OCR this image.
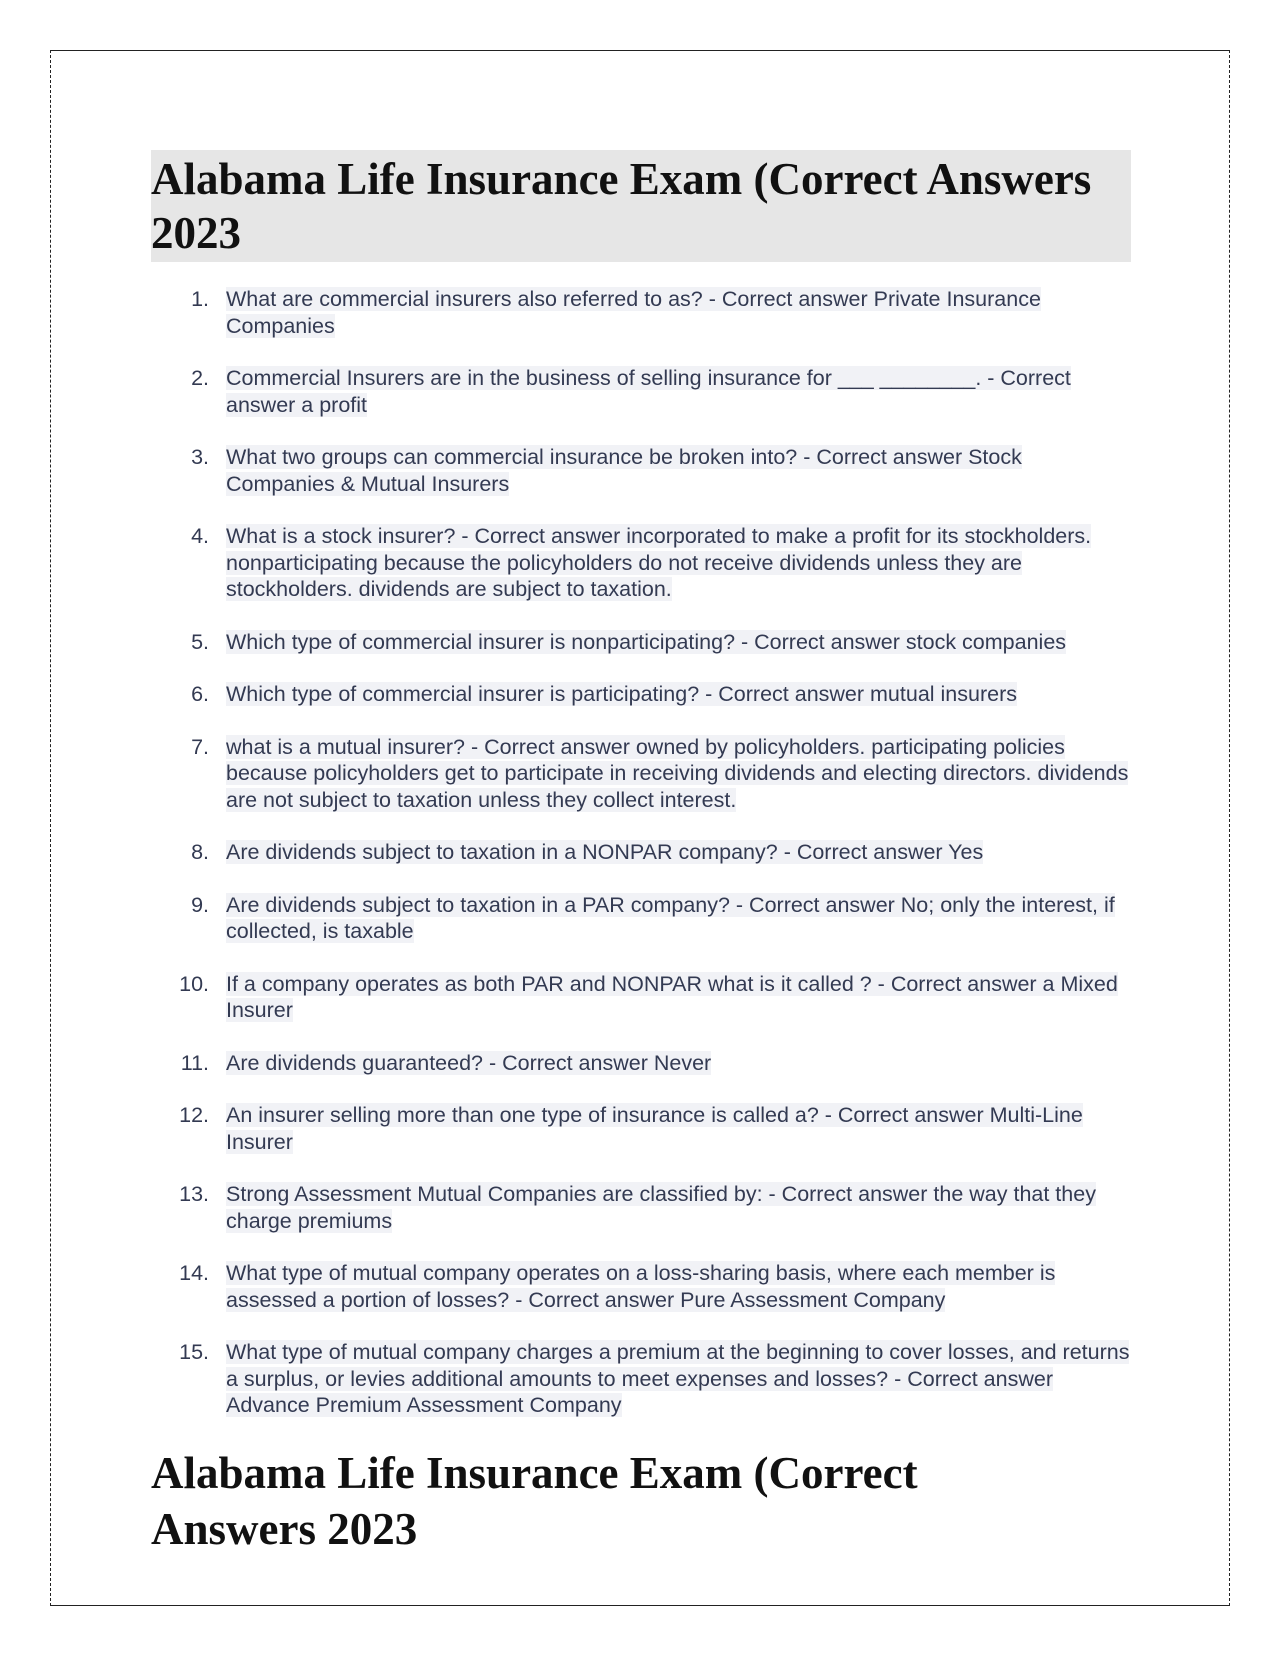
Alabama Life Insurance Exam (Correct Answers 2023
1. What are commercial insurers also referred to as? - Correct answer Private Insurance Companies
2. Commercial Insurers are in the business of selling insurance for ___ ________. - Correct answer a profit
3. What two groups can commercial insurance be broken into? - Correct answer Stock Companies & Mutual Insurers
4. What is a stock insurer? - Correct answer incorporated to make a profit for its stockholders. nonparticipating because the policyholders do not receive dividends unless they are stockholders. dividends are subject to taxation.
5. Which type of commercial insurer is nonparticipating? - Correct answer stock companies
6. Which type of commercial insurer is participating? - Correct answer mutual insurers
7. what is a mutual insurer? - Correct answer owned by policyholders. participating policies because policyholders get to participate in receiving dividends and electing directors. dividends are not subject to taxation unless they collect interest.
8. Are dividends subject to taxation in a NONPAR company? - Correct answer Yes
9. Are dividends subject to taxation in a PAR company? - Correct answer No; only the interest, if collected, is taxable
10. If a company operates as both PAR and NONPAR what is it called ? - Correct answer a Mixed Insurer
11. Are dividends guaranteed? - Correct answer Never
12. An insurer selling more than one type of insurance is called a? - Correct answer Multi-Line Insurer
13. Strong Assessment Mutual Companies are classified by: - Correct answer the way that they charge premiums
14. What type of mutual company operates on a loss-sharing basis, where each member is assessed a portion of losses? - Correct answer Pure Assessment Company
15. What type of mutual company charges a premium at the beginning to cover losses, and returns a surplus, or levies additional amounts to meet expenses and losses? - Correct answer Advance Premium Assessment Company
Alabama Life Insurance Exam (Correct Answers 2023
